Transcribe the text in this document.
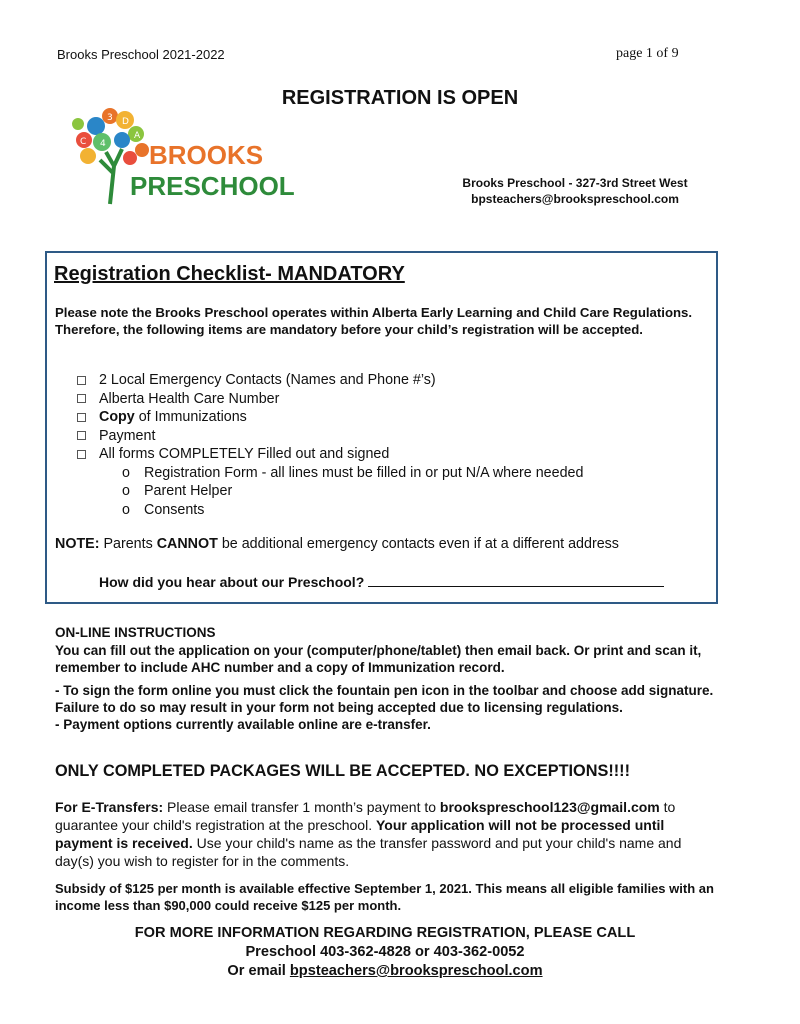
Brooks Preschool 2021-2022	page 1 of 9
REGISTRATION IS OPEN
3 D
C
A
4 BROOKS
PRESCHOOL	Brooks Preschool - 327-3rd Street West
bpsteachers@brookspreschool.com
Registration Checklist- MANDATORY
Please note the Brooks Preschool operates within Alberta Early Learning and Child Care Regulations. Therefore, the following items are mandatory before your child’s registration will be accepted.
2 Local Emergency Contacts (Names and Phone #’s)
Alberta Health Care Number
Copy of Immunizations
Payment
All forms COMPLETELY Filled out and signed
o Registration Form - all lines must be filled in or put N/A where needed
o Parent Helper
o Consents
NOTE: Parents CANNOT be additional emergency contacts even if at a different address
How did you hear about our Preschool?
ON-LINE INSTRUCTIONS
You can fill out the application on your (computer/phone/tablet) then email back. Or print and scan it, remember to include AHC number and a copy of Immunization record.
- To sign the form online you must click the fountain pen icon in the toolbar and choose add signature. Failure to do so may result in your form not being accepted due to licensing regulations.
- Payment options currently available online are e-transfer.
ONLY COMPLETED PACKAGES WILL BE ACCEPTED. NO EXCEPTIONS!!!!
For E-Transfers: Please email transfer 1 month’s payment to brookspreschool123@gmail.com to guarantee your child's registration at the preschool. Your application will not be processed until payment is received. Use your child's name as the transfer password and put your child's name and day(s) you wish to register for in the comments.
Subsidy of $125 per month is available effective September 1, 2021. This means all eligible families with an income less than $90,000 could receive $125 per month.
FOR MORE INFORMATION REGARDING REGISTRATION, PLEASE CALL
Preschool 403-362-4828 or 403-362-0052
Or email bpsteachers@brookspreschool.com
